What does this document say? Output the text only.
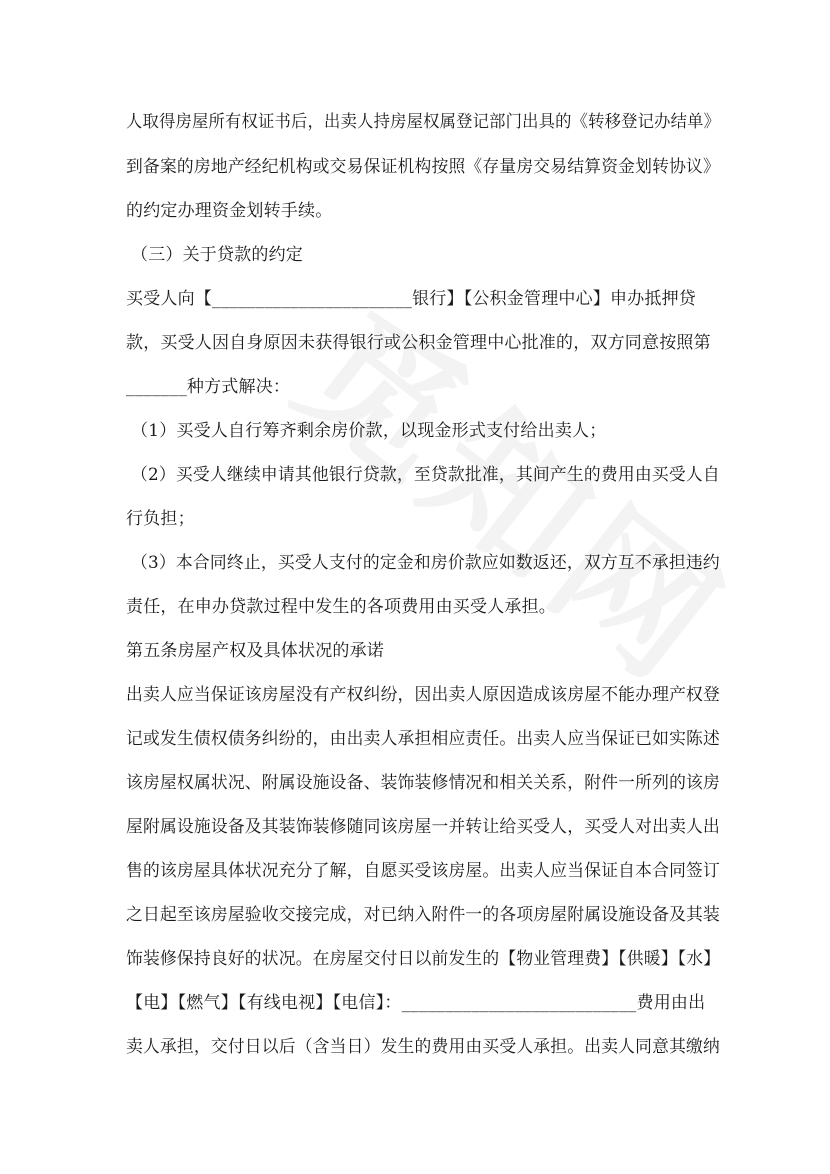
人取得房屋所有权证书后，出卖人持房屋权属登记部门出具的《转移登记办结单》
到备案的房地产经纪机构或交易保证机构按照《存量房交易结算资金划转协议》
的约定办理资金划转手续。
（三）关于贷款的约定
买受人向【_______________________银行】【公积金管理中心】申办抵押贷
款，买受人因自身原因未获得银行或公积金管理中心批准的，双方同意按照第
_______种方式解决：
（1）买受人自行筹齐剩余房价款，以现金形式支付给出卖人；
（2）买受人继续申请其他银行贷款，至贷款批准，其间产生的费用由买受人自
行负担；
（3）本合同终止，买受人支付的定金和房价款应如数返还，双方互不承担违约
责任，在申办贷款过程中发生的各项费用由买受人承担。
第五条房屋产权及具体状况的承诺
出卖人应当保证该房屋没有产权纠纷，因出卖人原因造成该房屋不能办理产权登
记或发生债权债务纠纷的，由出卖人承担相应责任。出卖人应当保证已如实陈述
该房屋权属状况、附属设施设备、装饰装修情况和相关关系，附件一所列的该房
屋附属设施设备及其装饰装修随同该房屋一并转让给买受人，买受人对出卖人出
售的该房屋具体状况充分了解，自愿买受该房屋。出卖人应当保证自本合同签订
之日起至该房屋验收交接完成，对已纳入附件一的各项房屋附属设施设备及其装
饰装修保持良好的状况。在房屋交付日以前发生的【物业管理费】【供暖】【水】
【电】【燃气】【有线电视】【电信】：___________________________费用由出
卖人承担，交付日以后（含当日）发生的费用由买受人承担。出卖人同意其缴纳
